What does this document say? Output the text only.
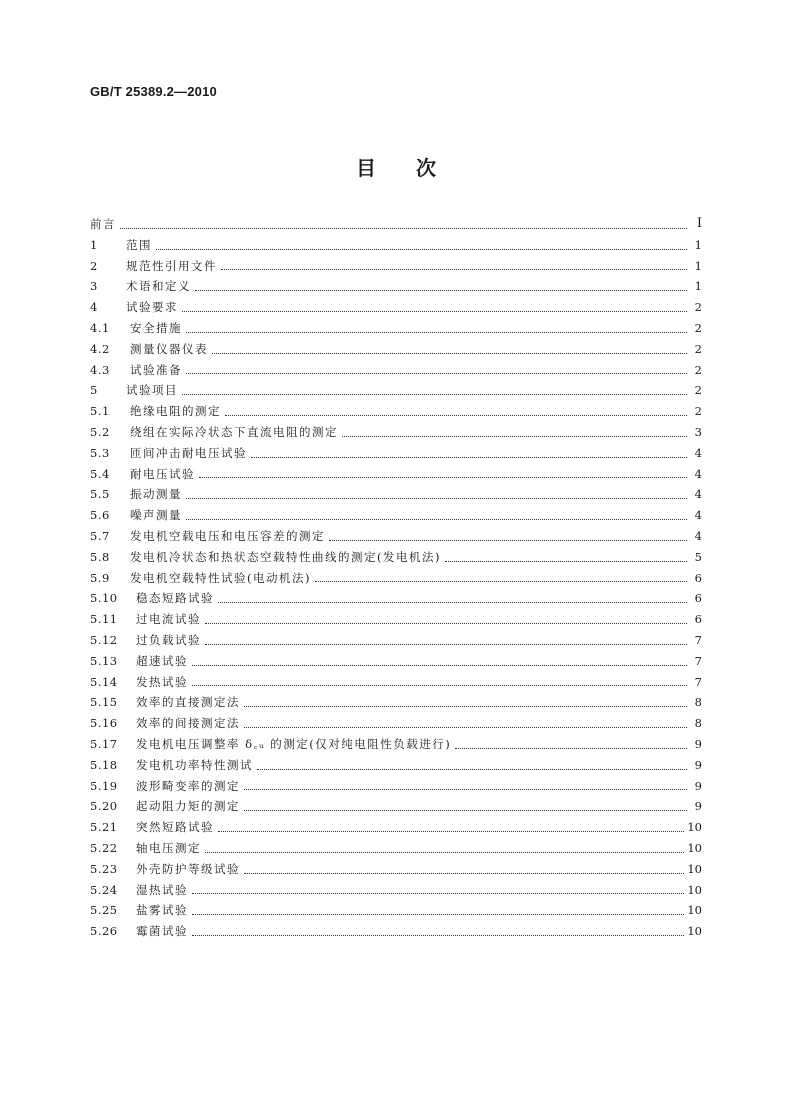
GB/T 25389.2—2010
目次
前言	I
1	范围	1
2	规范性引用文件	1
3	术语和定义	1
4	试验要求	2
4.1	安全措施	2
4.2	测量仪器仪表	2
4.3	试验准备	2
5	试验项目	2
5.1	绝缘电阻的测定	2
5.2	绕组在实际冷状态下直流电阻的测定	3
5.3	匝间冲击耐电压试验	4
5.4	耐电压试验	4
5.5	振动测量	4
5.6	噪声测量	4
5.7	发电机空载电压和电压容差的测定	4
5.8	发电机冷状态和热状态空载特性曲线的测定(发电机法)	5
5.9	发电机空载特性试验(电动机法)	6
5.10	稳态短路试验	6
5.11	过电流试验	6
5.12	过负载试验	7
5.13	超速试验	7
5.14	发热试验	7
5.15	效率的直接测定法	8
5.16	效率的间接测定法	8
5.17	发电机电压调整率 δ꜀ᵤ 的测定(仅对纯电阻性负载进行)	9
5.18	发电机功率特性测试	9
5.19	波形畸变率的测定	9
5.20	起动阻力矩的测定	9
5.21	突然短路试验	10
5.22	轴电压测定	10
5.23	外壳防护等级试验	10
5.24	湿热试验	10
5.25	盐雾试验	10
5.26	霉菌试验	10
